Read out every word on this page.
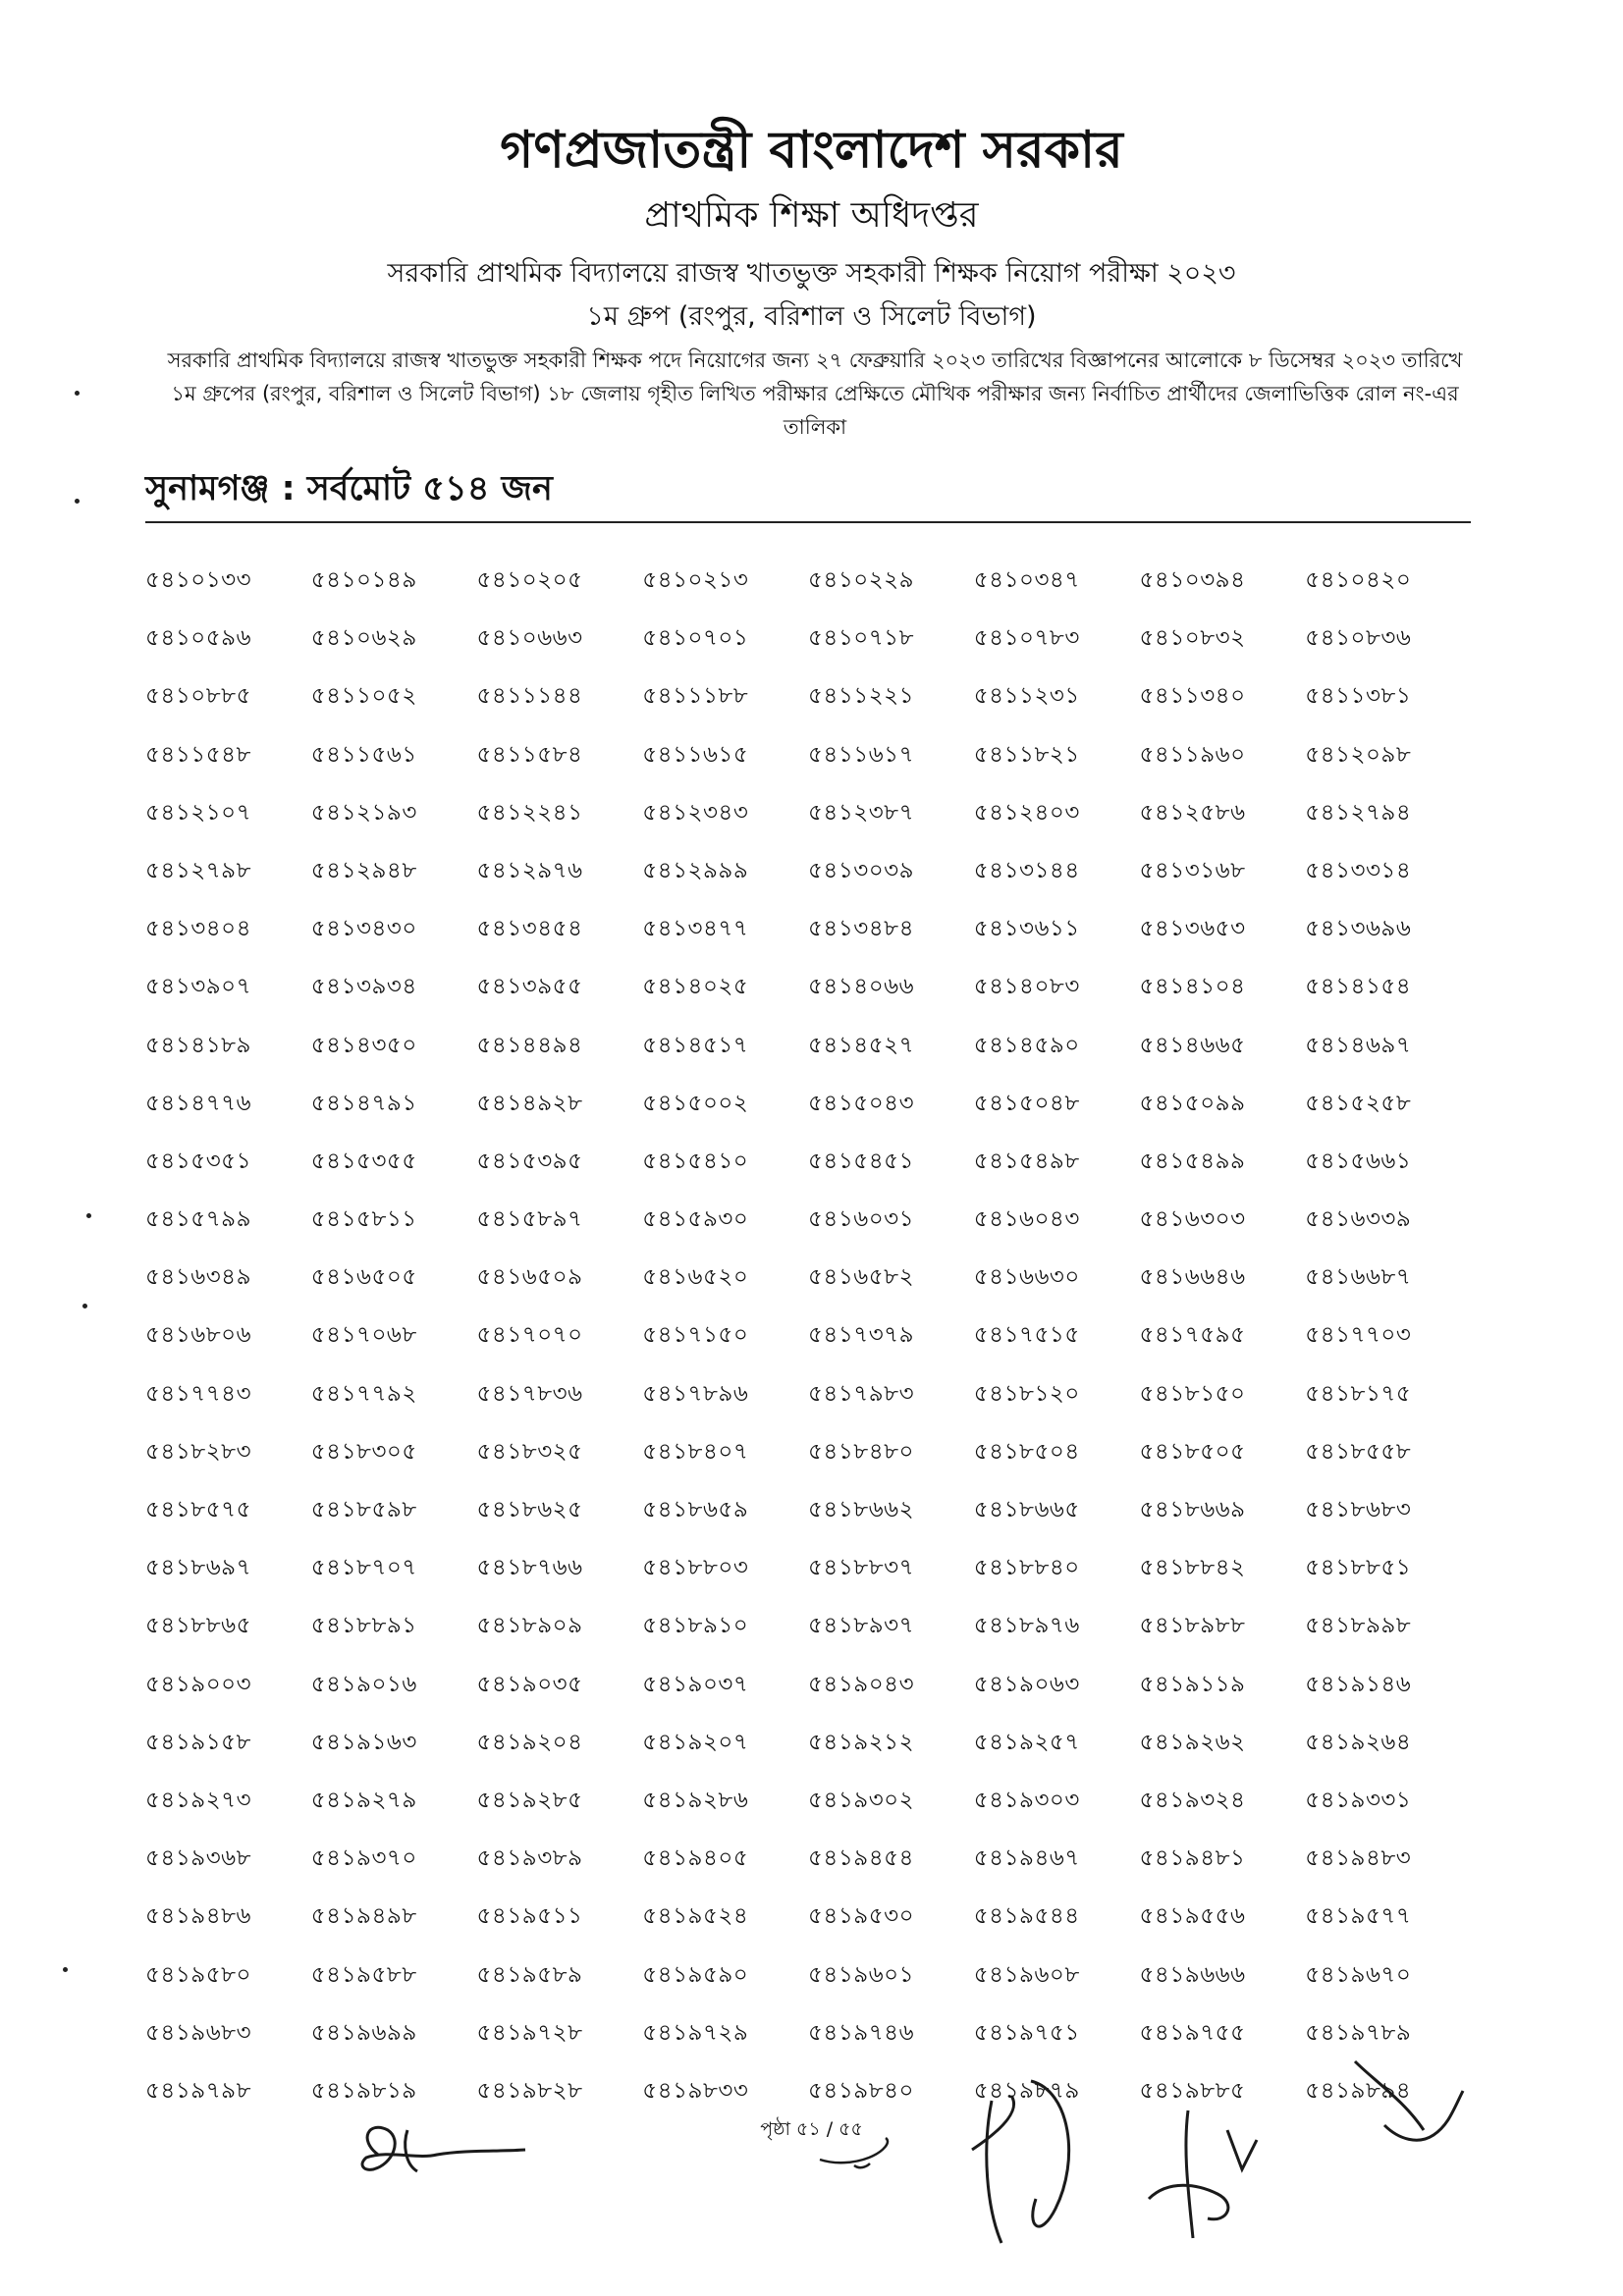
গণপ্রজাতন্ত্রী বাংলাদেশ সরকার
প্রাথমিক শিক্ষা অধিদপ্তর
সরকারি প্রাথমিক বিদ্যালয়ে রাজস্ব খাতভুক্ত সহকারী শিক্ষক নিয়োগ পরীক্ষা ২০২৩
১ম গ্রুপ (রংপুর, বরিশাল ও সিলেট বিভাগ)
সরকারি প্রাথমিক বিদ্যালয়ে রাজস্ব খাতভুক্ত সহকারী শিক্ষক পদে নিয়োগের জন্য ২৭ ফেব্রুয়ারি ২০২৩ তারিখের বিজ্ঞাপনের আলোকে ৮ ডিসেম্বর ২০২৩ তারিখে ১ম গ্রুপের (রংপুর, বরিশাল ও সিলেট বিভাগ) ১৮ জেলায় গৃহীত লিখিত পরীক্ষার প্রেক্ষিতে মৌখিক পরীক্ষার জন্য নির্বাচিত প্রার্থীদের জেলাভিত্তিক রোল নং-এর তালিকা
সুনামগঞ্জ : সর্বমোট ৫১৪ জন
৫৪১০১৩৩	৫৪১০১৪৯	৫৪১০২০৫	৫৪১০২১৩	৫৪১০২২৯	৫৪১০৩৪৭	৫৪১০৩৯৪	৫৪১০৪২০
৫৪১০৫৯৬	৫৪১০৬২৯	৫৪১০৬৬৩	৫৪১০৭০১	৫৪১০৭১৮	৫৪১০৭৮৩	৫৪১০৮৩২	৫৪১০৮৩৬
৫৪১০৮৮৫	৫৪১১০৫২	৫৪১১১৪৪	৫৪১১১৮৮	৫৪১১২২১	৫৪১১২৩১	৫৪১১৩৪০	৫৪১১৩৮১
৫৪১১৫৪৮	৫৪১১৫৬১	৫৪১১৫৮৪	৫৪১১৬১৫	৫৪১১৬১৭	৫৪১১৮২১	৫৪১১৯৬০	৫৪১২০৯৮
৫৪১২১০৭	৫৪১২১৯৩	৫৪১২২৪১	৫৪১২৩৪৩	৫৪১২৩৮৭	৫৪১২৪০৩	৫৪১২৫৮৬	৫৪১২৭৯৪
৫৪১২৭৯৮	৫৪১২৯৪৮	৫৪১২৯৭৬	৫৪১২৯৯৯	৫৪১৩০৩৯	৫৪১৩১৪৪	৫৪১৩১৬৮	৫৪১৩৩১৪
৫৪১৩৪০৪	৫৪১৩৪৩০	৫৪১৩৪৫৪	৫৪১৩৪৭৭	৫৪১৩৪৮৪	৫৪১৩৬১১	৫৪১৩৬৫৩	৫৪১৩৬৯৬
৫৪১৩৯০৭	৫৪১৩৯৩৪	৫৪১৩৯৫৫	৫৪১৪০২৫	৫৪১৪০৬৬	৫৪১৪০৮৩	৫৪১৪১০৪	৫৪১৪১৫৪
৫৪১৪১৮৯	৫৪১৪৩৫০	৫৪১৪৪৯৪	৫৪১৪৫১৭	৫৪১৪৫২৭	৫৪১৪৫৯০	৫৪১৪৬৬৫	৫৪১৪৬৯৭
৫৪১৪৭৭৬	৫৪১৪৭৯১	৫৪১৪৯২৮	৫৪১৫০০২	৫৪১৫০৪৩	৫৪১৫০৪৮	৫৪১৫০৯৯	৫৪১৫২৫৮
৫৪১৫৩৫১	৫৪১৫৩৫৫	৫৪১৫৩৯৫	৫৪১৫৪১০	৫৪১৫৪৫১	৫৪১৫৪৯৮	৫৪১৫৪৯৯	৫৪১৫৬৬১
৫৪১৫৭৯৯	৫৪১৫৮১১	৫৪১৫৮৯৭	৫৪১৫৯৩০	৫৪১৬০৩১	৫৪১৬০৪৩	৫৪১৬৩০৩	৫৪১৬৩৩৯
৫৪১৬৩৪৯	৫৪১৬৫০৫	৫৪১৬৫০৯	৫৪১৬৫২০	৫৪১৬৫৮২	৫৪১৬৬৩০	৫৪১৬৬৪৬	৫৪১৬৬৮৭
৫৪১৬৮০৬	৫৪১৭০৬৮	৫৪১৭০৭০	৫৪১৭১৫০	৫৪১৭৩৭৯	৫৪১৭৫১৫	৫৪১৭৫৯৫	৫৪১৭৭০৩
৫৪১৭৭৪৩	৫৪১৭৭৯২	৫৪১৭৮৩৬	৫৪১৭৮৯৬	৫৪১৭৯৮৩	৫৪১৮১২০	৫৪১৮১৫০	৫৪১৮১৭৫
৫৪১৮২৮৩	৫৪১৮৩০৫	৫৪১৮৩২৫	৫৪১৮৪০৭	৫৪১৮৪৮০	৫৪১৮৫০৪	৫৪১৮৫০৫	৫৪১৮৫৫৮
৫৪১৮৫৭৫	৫৪১৮৫৯৮	৫৪১৮৬২৫	৫৪১৮৬৫৯	৫৪১৮৬৬২	৫৪১৮৬৬৫	৫৪১৮৬৬৯	৫৪১৮৬৮৩
৫৪১৮৬৯৭	৫৪১৮৭০৭	৫৪১৮৭৬৬	৫৪১৮৮০৩	৫৪১৮৮৩৭	৫৪১৮৮৪০	৫৪১৮৮৪২	৫৪১৮৮৫১
৫৪১৮৮৬৫	৫৪১৮৮৯১	৫৪১৮৯০৯	৫৪১৮৯১০	৫৪১৮৯৩৭	৫৪১৮৯৭৬	৫৪১৮৯৮৮	৫৪১৮৯৯৮
৫৪১৯০০৩	৫৪১৯০১৬	৫৪১৯০৩৫	৫৪১৯০৩৭	৫৪১৯০৪৩	৫৪১৯০৬৩	৫৪১৯১১৯	৫৪১৯১৪৬
৫৪১৯১৫৮	৫৪১৯১৬৩	৫৪১৯২০৪	৫৪১৯২০৭	৫৪১৯২১২	৫৪১৯২৫৭	৫৪১৯২৬২	৫৪১৯২৬৪
৫৪১৯২৭৩	৫৪১৯২৭৯	৫৪১৯২৮৫	৫৪১৯২৮৬	৫৪১৯৩০২	৫৪১৯৩০৩	৫৪১৯৩২৪	৫৪১৯৩৩১
৫৪১৯৩৬৮	৫৪১৯৩৭০	৫৪১৯৩৮৯	৫৪১৯৪০৫	৫৪১৯৪৫৪	৫৪১৯৪৬৭	৫৪১৯৪৮১	৫৪১৯৪৮৩
৫৪১৯৪৮৬	৫৪১৯৪৯৮	৫৪১৯৫১১	৫৪১৯৫২৪	৫৪১৯৫৩০	৫৪১৯৫৪৪	৫৪১৯৫৫৬	৫৪১৯৫৭৭
৫৪১৯৫৮০	৫৪১৯৫৮৮	৫৪১৯৫৮৯	৫৪১৯৫৯০	৫৪১৯৬০১	৫৪১৯৬০৮	৫৪১৯৬৬৬	৫৪১৯৬৭০
৫৪১৯৬৮৩	৫৪১৯৬৯৯	৫৪১৯৭২৮	৫৪১৯৭২৯	৫৪১৯৭৪৬	৫৪১৯৭৫১	৫৪১৯৭৫৫	৫৪১৯৭৮৯
৫৪১৯৭৯৮	৫৪১৯৮১৯	৫৪১৯৮২৮	৫৪১৯৮৩৩	৫৪১৯৮৪০	৫৪১৯৮৭৯	৫৪১৯৮৮৫	৫৪১৯৮৯৪
পৃষ্ঠা ৫১ / ৫৫
